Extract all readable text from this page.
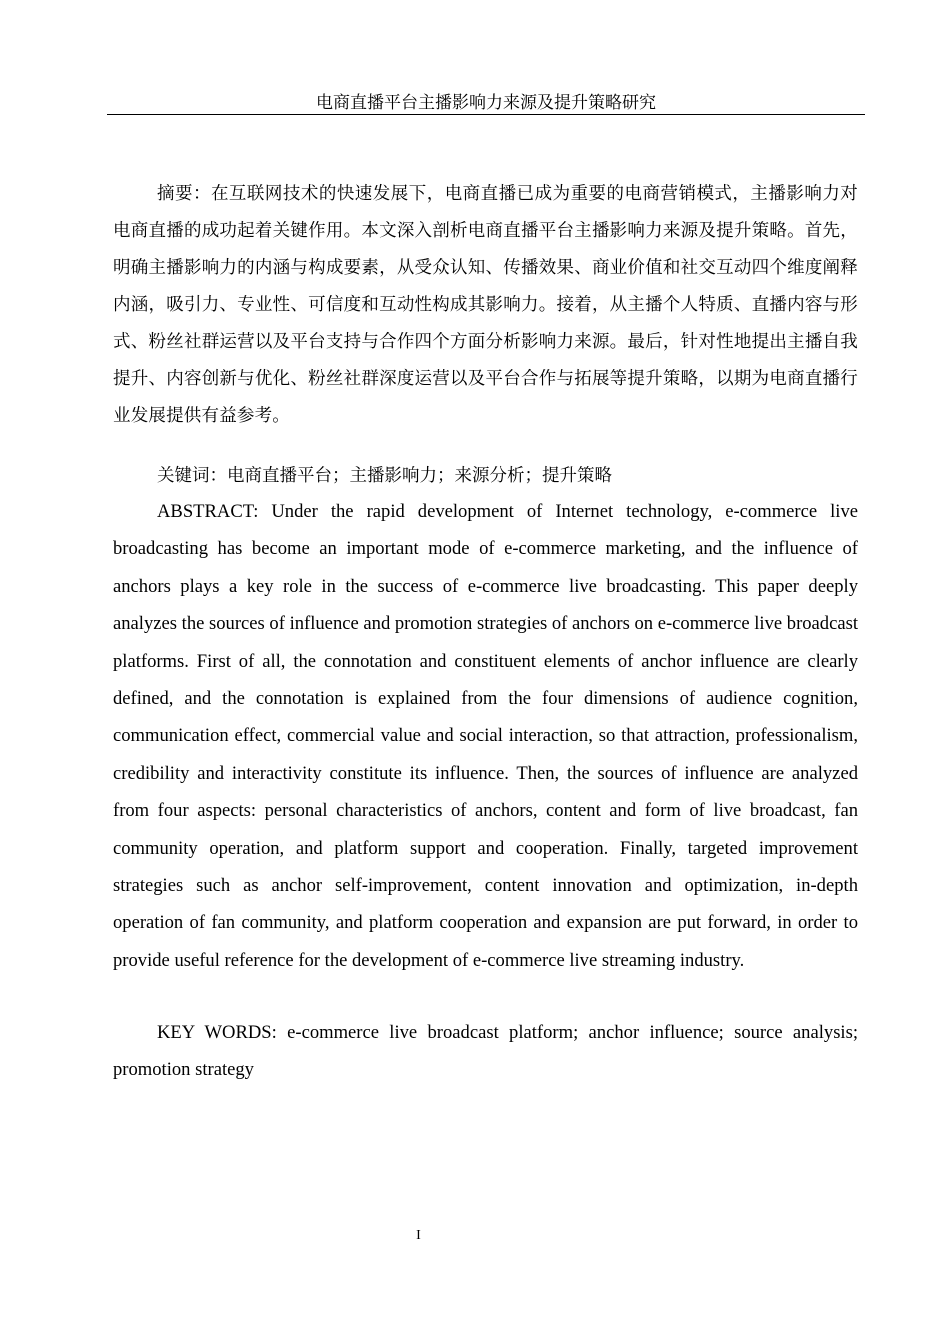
电商直播平台主播影响力来源及提升策略研究

摘要：在互联网技术的快速发展下，电商直播已成为重要的电商营销模式，主播影响力对电商直播的成功起着关键作用。本文深入剖析电商直播平台主播影响力来源及提升策略。首先，明确主播影响力的内涵与构成要素，从受众认知、传播效果、商业价值和社交互动四个维度阐释内涵，吸引力、专业性、可信度和互动性构成其影响力。接着，从主播个人特质、直播内容与形式、粉丝社群运营以及平台支持与合作四个方面分析影响力来源。最后，针对性地提出主播自我提升、内容创新与优化、粉丝社群深度运营以及平台合作与拓展等提升策略，以期为电商直播行业发展提供有益参考。

关键词：电商直播平台；主播影响力；来源分析；提升策略

ABSTRACT: Under the rapid development of Internet technology, e-commerce live broadcasting has become an important mode of e-commerce marketing, and the influence of anchors plays a key role in the success of e-commerce live broadcasting. This paper deeply analyzes the sources of influence and promotion strategies of anchors on e-commerce live broadcast platforms. First of all, the connotation and constituent elements of anchor influence are clearly defined, and the connotation is explained from the four dimensions of audience cognition, communication effect, commercial value and social interaction, so that attraction, professionalism, credibility and interactivity constitute its influence. Then, the sources of influence are analyzed from four aspects: personal characteristics of anchors, content and form of live broadcast, fan community operation, and platform support and cooperation. Finally, targeted improvement strategies such as anchor self-improvement, content innovation and optimization, in-depth operation of fan community, and platform cooperation and expansion are put forward, in order to provide useful reference for the development of e-commerce live streaming industry.

KEY WORDS: e-commerce live broadcast platform; anchor influence; source analysis; promotion strategy

I
